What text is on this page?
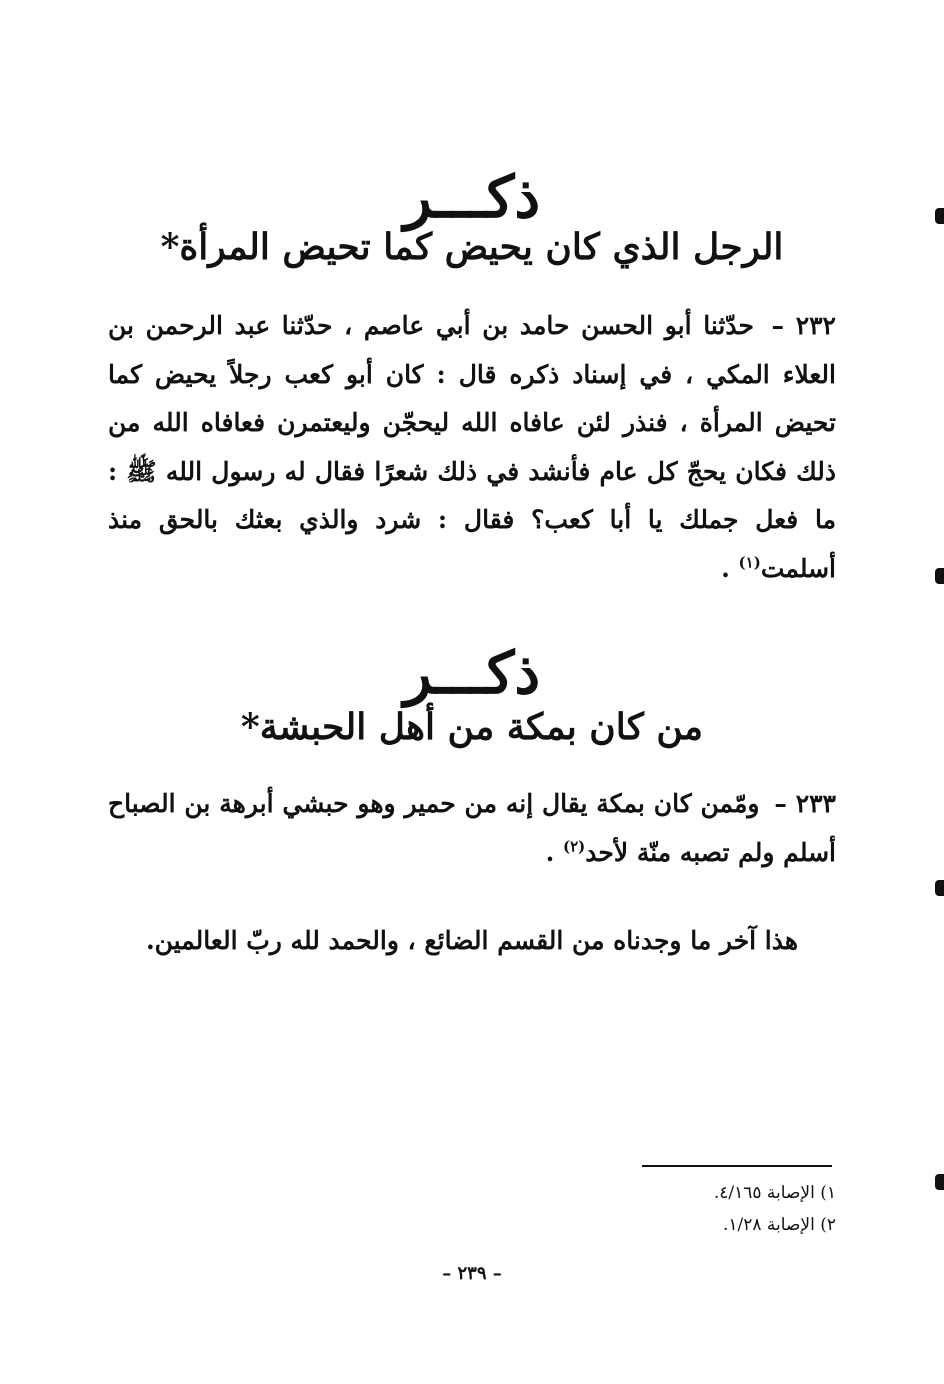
ذكـــر
الرجل الذي كان يحيض كما تحيض المرأة*
٢٣٢ – حدّثنا أبو الحسن حامد بن أبي عاصم ، حدّثنا عبد الرحمن بن العلاء المكي ، في إسناد ذكره قال : كان أبو كعب رجلاً يحيض كما تحيض المرأة ، فنذر لئن عافاه الله ليحجّن وليعتمرن فعافاه الله من ذلك فكان يحجّ كل عام فأنشد في ذلك شعرًا فقال له رسول الله ﷺ : ما فعل جملك يا أبا كعب؟ فقال : شرد والذي بعثك بالحق منذ أسلمت$^{(١)}$ .
ذكـــر
من كان بمكة من أهل الحبشة*
٢٣٣ – ومّمن كان بمكة يقال إنه من حمير وهو حبشي أبرهة بن الصباح أسلم ولم تصبه منّة لأحد$^{(٢)}$ .
هذا آخر ما وجدناه من القسم الضائع ، والحمد لله ربّ العالمين.
١) الإصابة ٤/١٦٥.
٢) الإصابة ١/٢٨.
– ٢٣٩ –
